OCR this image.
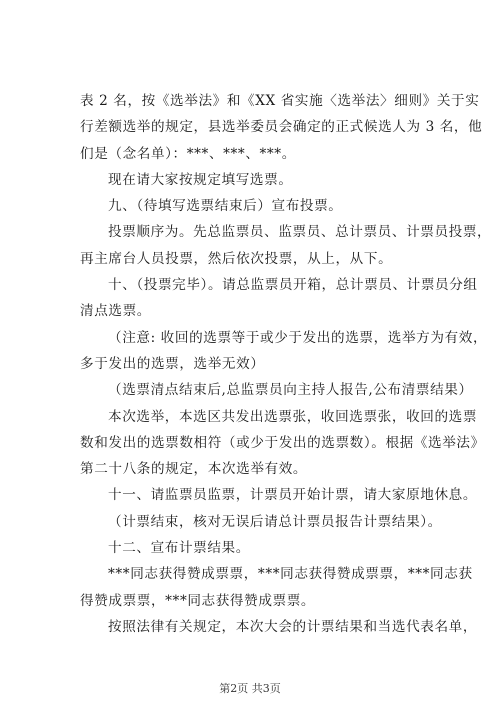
表 2 名，按《选举法》和《XX 省实施〈选举法〉细则》关于实
行差额选举的规定，县选举委员会确定的正式候选人为 3 名，他
们是（念名单）：***、***、***。
现在请大家按规定填写选票。
九、（待填写选票结束后）宣布投票。
投票顺序为。先总监票员、监票员、总计票员、计票员投票，
再主席台人员投票，然后依次投票，从上，从下。
十、（投票完毕）。请总监票员开箱，总计票员、计票员分组
清点选票。
（注意: 收回的选票等于或少于发出的选票，选举方为有效，
多于发出的选票，选举无效）
（选票清点结束后,总监票员向主持人报告,公布清票结果）
本次选举，本选区共发出选票张，收回选票张，收回的选票
数和发出的选票数相符（或少于发出的选票数）。根据《选举法》
第二十八条的规定，本次选举有效。
十一、请监票员监票，计票员开始计票，请大家原地休息。
（计票结束，核对无误后请总计票员报告计票结果）。
十二、宣布计票结果。
***同志获得赞成票票，***同志获得赞成票票，***同志获
得赞成票票，***同志获得赞成票票。
按照法律有关规定，本次大会的计票结果和当选代表名单，
第2页 共3页
